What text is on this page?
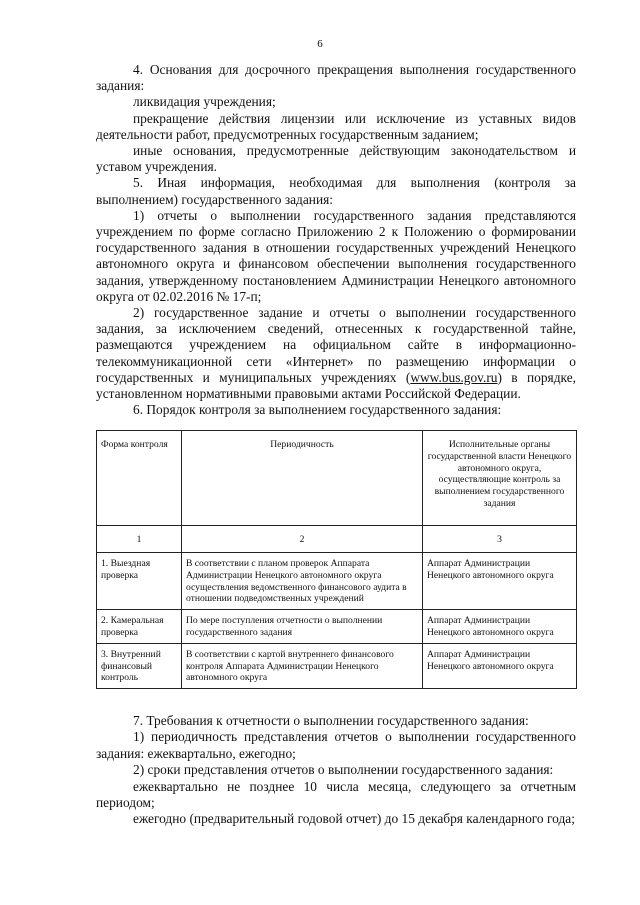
6

4. Основания для досрочного прекращения выполнения государственного задания:

ликвидация учреждения;

прекращение действия лицензии или исключение из уставных видов деятельности работ, предусмотренных государственным заданием;

иные основания, предусмотренные действующим законодательством и уставом учреждения.

5. Иная информация, необходимая для выполнения (контроля за выполнением) государственного задания:

1) отчеты о выполнении государственного задания представляются учреждением по форме согласно Приложению 2 к Положению о формировании государственного задания в отношении государственных учреждений Ненецкого автономного округа и финансовом обеспечении выполнения государственного задания, утвержденному постановлением Администрации Ненецкого автономного округа от 02.02.2016 № 17-п;

2) государственное задание и отчеты о выполнении государственного задания, за исключением сведений, отнесенных к государственной тайне, размещаются учреждением на официальном сайте в информационно-телекоммуникационной сети «Интернет» по размещению информации о государственных и муниципальных учреждениях (www.bus.gov.ru) в порядке, установленном нормативными правовыми актами Российской Федерации.

6. Порядок контроля за выполнением государственного задания:

Форма контроля	Периодичность	Исполнительные органы государственной власти Ненецкого автономного округа, осуществляющие контроль за выполнением государственного задания
1	2	3
1. Выездная проверка	В соответствии с планом проверок Аппарата Администрации Ненецкого автономного округа осуществления ведомственного финансового аудита в отношении подведомственных учреждений	Аппарат Администрации Ненецкого автономного округа
2. Камеральная проверка	По мере поступления отчетности о выполнении государственного задания	Аппарат Администрации Ненецкого автономного округа
3. Внутренний финансовый контроль	В соответствии с картой внутреннего финансового контроля Аппарата Администрации Ненецкого автономного округа	Аппарат Администрации Ненецкого автономного округа

7. Требования к отчетности о выполнении государственного задания:

1) периодичность представления отчетов о выполнении государственного задания: ежеквартально, ежегодно;

2) сроки представления отчетов о выполнении государственного задания:

ежеквартально не позднее 10 числа месяца, следующего за отчетным периодом;

ежегодно (предварительный годовой отчет) до 15 декабря календарного года;
